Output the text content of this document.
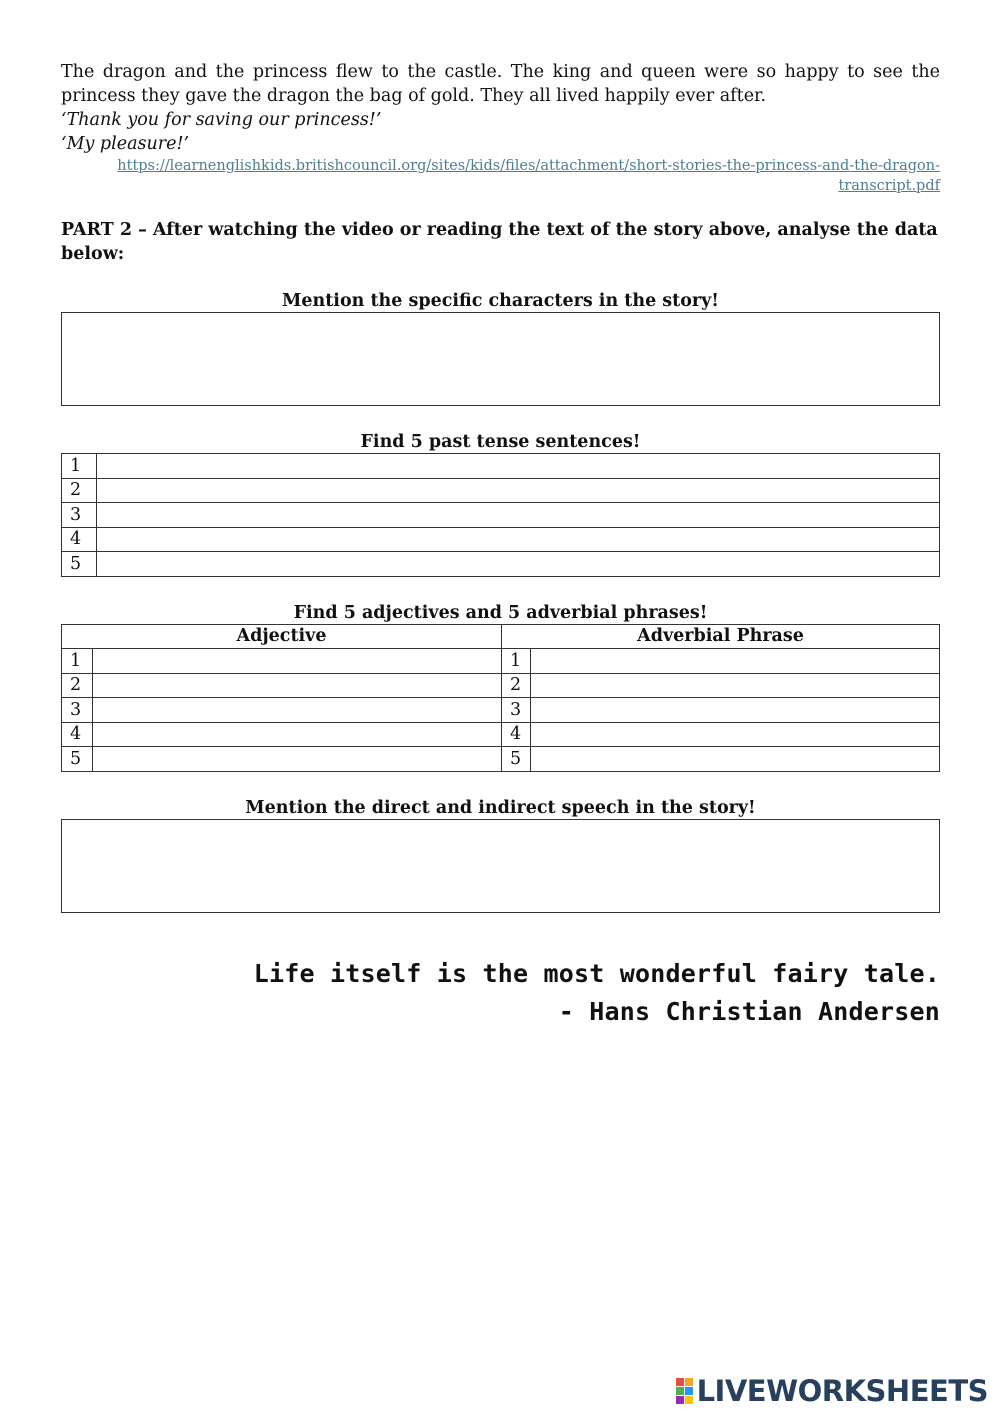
The dragon and the princess flew to the castle. The king and queen were so happy to see the princess they gave the dragon the bag of gold. They all lived happily ever after.

‘Thank you for saving our princess!’

‘My pleasure!’

https://learnenglishkids.britishcouncil.org/sites/kids/files/attachment/short-stories-the-princess-and-the-dragon-
transcript.pdf
PART 2 – After watching the video or reading the text of the story above, analyse the data below:
Mention the specific characters in the story!
Find 5 past tense sentences!
1	
2	
3	
4	
5	
Find 5 adjectives and 5 adverbial phrases!
Adjective		Adverbial Phrase	
1		1	
2		2	
3		3	
4		4	
5		5	
Mention the direct and indirect speech in the story!
Life itself is the most wonderful fairy tale.
- Hans Christian Andersen
LIVEWORKSHEETS
